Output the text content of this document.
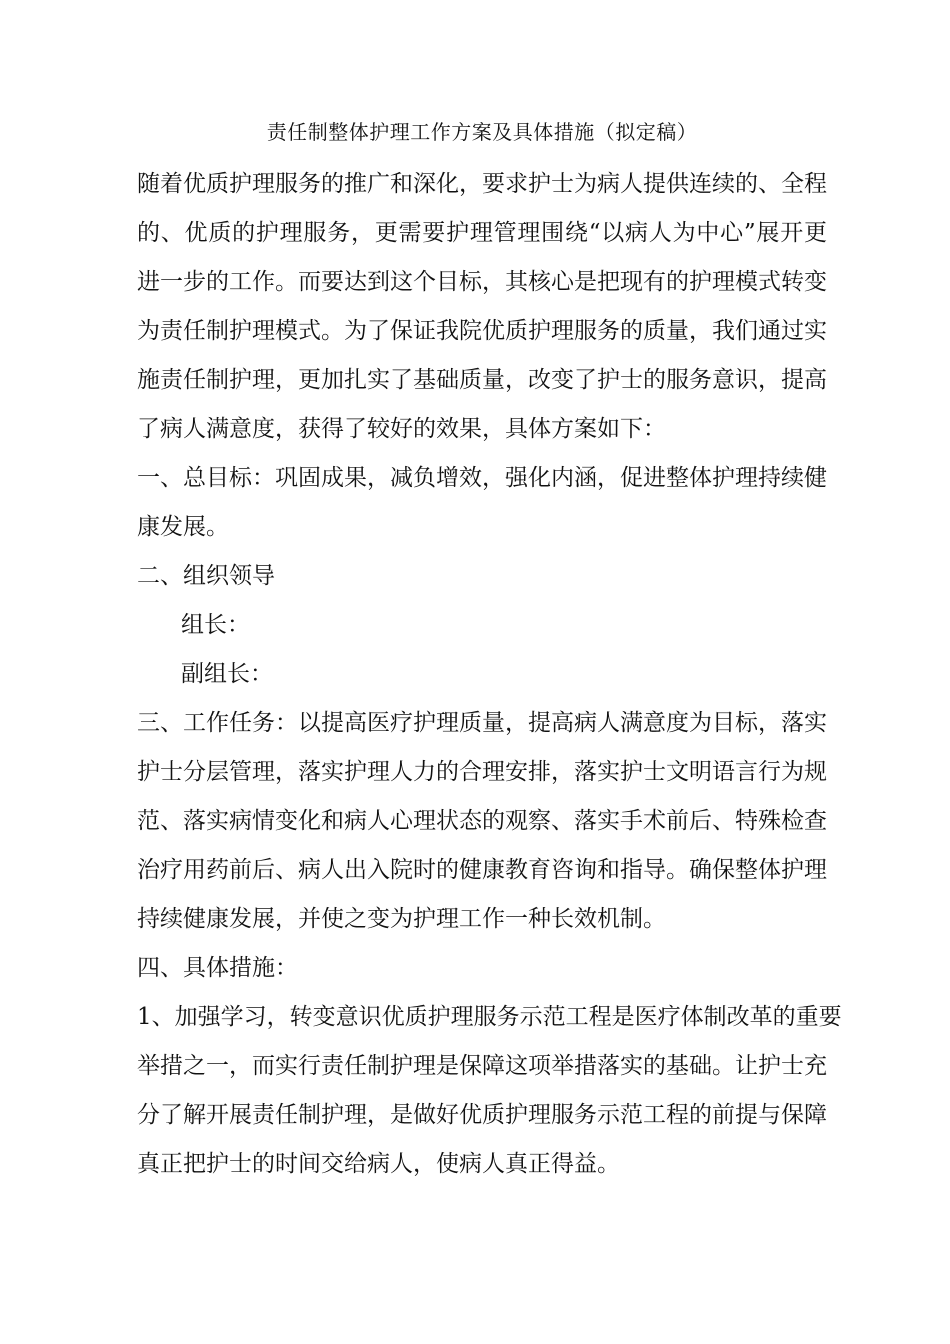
责任制整体护理工作方案及具体措施（拟定稿）
随着优质护理服务的推广和深化，要求护士为病人提供连续的、全程
的、优质的护理服务，更需要护理管理围绕“以病人为中心”展开更
进一步的工作。而要达到这个目标，其核心是把现有的护理模式转变
为责任制护理模式。为了保证我院优质护理服务的质量，我们通过实
施责任制护理，更加扎实了基础质量，改变了护士的服务意识，提高
了病人满意度，获得了较好的效果，具体方案如下：
一、总目标：巩固成果，减负增效，强化内涵，促进整体护理持续健
康发展。
二、组织领导
组长：
副组长：
三、工作任务：以提高医疗护理质量，提高病人满意度为目标，落实
护士分层管理，落实护理人力的合理安排，落实护士文明语言行为规
范、落实病情变化和病人心理状态的观察、落实手术前后、特殊检查
治疗用药前后、病人出入院时的健康教育咨询和指导。确保整体护理
持续健康发展，并使之变为护理工作一种长效机制。
四、具体措施：
1、加强学习，转变意识优质护理服务示范工程是医疗体制改革的重要
举措之一，而实行责任制护理是保障这项举措落实的基础。让护士充
分了解开展责任制护理，是做好优质护理服务示范工程的前提与保障
真正把护士的时间交给病人，使病人真正得益。
